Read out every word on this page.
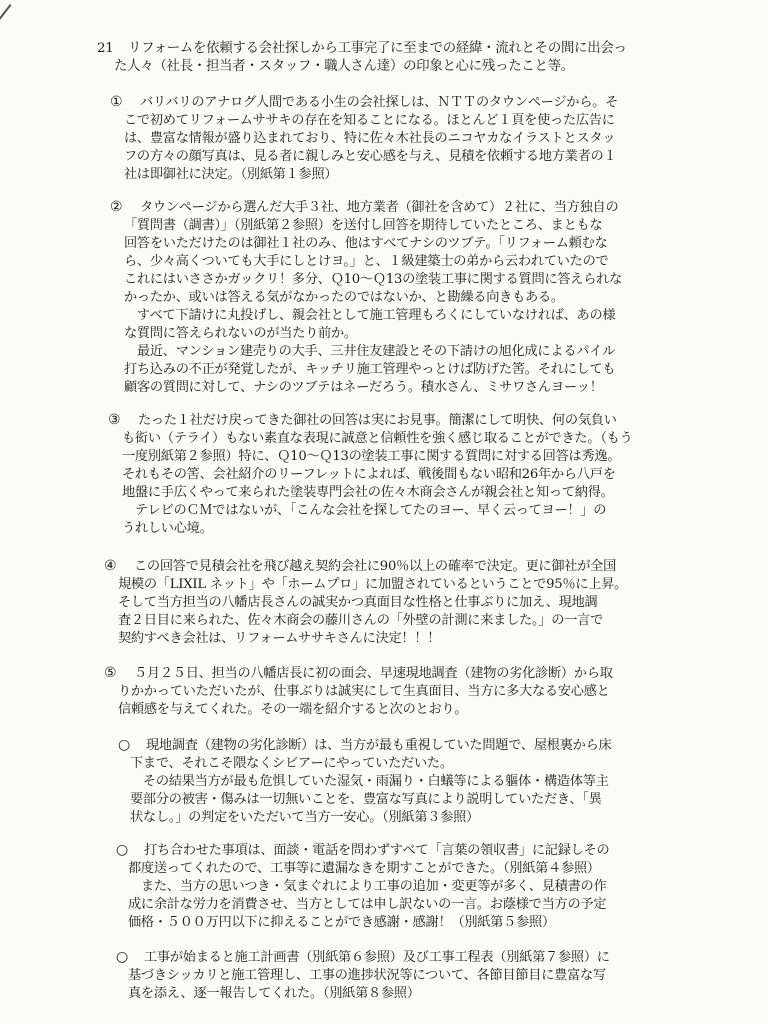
21 リフォームを依頼する会社探しから工事完了に至までの経緯・流れとその間に出会っ
た人々（社長・担当者・スタッフ・職人さん達）の印象と心に残ったこと等。
① バリバリのアナログ人間である小生の会社探しは、ＮＴＴのタウンページから。そ
こで初めてリフォームササキの存在を知ることになる。ほとんど１頁を使った広告に
は、豊富な情報が盛り込まれており、特に佐々木社長のニコヤカなイラストとスタッ
フの方々の顔写真は、見る者に親しみと安心感を与え、見積を依頼する地方業者の１
社は即御社に決定。（別紙第１参照）
② タウンページから選んだ大手３社、地方業者（御社を含めて）２社に、当方独自の
「質問書（調書）」（別紙第２参照）を送付し回答を期待していたところ、まともな
回答をいただけたのは御社１社のみ、他はすべてナシのツブテ。「リフォーム頼むな
ら、少々高くついても大手にしとけヨ。」と、１級建築士の弟から云われていたので
これにはいささかガックリ！多分、Ｑ10～Ｑ13の塗装工事に関する質問に答えられな
かったか、或いは答える気がなかったのではないか、と勘繰る向きもある。
　すべて下請けに丸投げし、親会社として施工管理もろくにしていなければ、あの様
な質問に答えられないのが当たり前か。
　最近、マンション建売りの大手、三井住友建設とその下請けの旭化成によるパイル
打ち込みの不正が発覚したが、キッチリ施工管理やっとけば防げた筈。それにしても
顧客の質問に対して、ナシのツブテはネーだろう。積水さん、ミサワさんヨーッ！
③ たった１社だけ戻ってきた御社の回答は実にお見事。簡潔にして明快、何の気負い
も衒い（テライ）もない素直な表現に誠意と信頼性を強く感じ取ることができた。（もう
一度別紙第２参照）特に、Ｑ10～Ｑ13の塗装工事に関する質問に対する回答は秀逸。
それもその筈、会社紹介のリーフレットによれば、戦後間もない昭和26年から八戸を
地盤に手広くやって来られた塗装専門会社の佐々木商会さんが親会社と知って納得。
　テレビのＣＭではないが、「こんな会社を探してたのヨー、早く云ってヨー！」の
うれしい心境。
④ この回答で見積会社を飛び越え契約会社に90％以上の確率で決定。更に御社が全国
規模の「LIXIL ネット」や「ホームプロ」に加盟されているということで95％に上昇。
そして当方担当の八幡店長さんの誠実かつ真面目な性格と仕事ぶりに加え、現地調
査２日目に来られた、佐々木商会の藤川さんの「外壁の計測に来ました。」の一言で
契約すべき会社は、リフォームササキさんに決定！！！
⑤ ５月２５日、担当の八幡店長に初の面会、早速現地調査（建物の劣化診断）から取
りかかっていただいたが、仕事ぶりは誠実にして生真面目、当方に多大なる安心感と
信頼感を与えてくれた。その一端を紹介すると次のとおり。
○ 現地調査（建物の劣化診断）は、当方が最も重視していた問題で、屋根裏から床
下まで、それこそ隈なくシビアーにやっていただいた。
　その結果当方が最も危惧していた湿気・雨漏り・白蟻等による軀体・構造体等主
要部分の被害・傷みは一切無いことを、豊富な写真により説明していただき、「異
状なし。」の判定をいただいて当方一安心。（別紙第３参照）
○ 打ち合わせた事項は、面談・電話を問わずすべて「言葉の領収書」に記録しその
都度送ってくれたので、工事等に遺漏なきを期すことができた。（別紙第４参照）
　また、当方の思いつき・気まぐれにより工事の追加・変更等が多く、見積書の作
成に余計な労力を消費させ、当方としては申し訳ないの一言。お蔭様で当方の予定
価格・５００万円以下に抑えることができ感謝・感謝！（別紙第５参照）
○ 工事が始まると施工計画書（別紙第６参照）及び工事工程表（別紙第７参照）に
基づきシッカリと施工管理し、工事の進捗状況等について、各節目節目に豊富な写
真を添え、逐一報告してくれた。（別紙第８参照）
